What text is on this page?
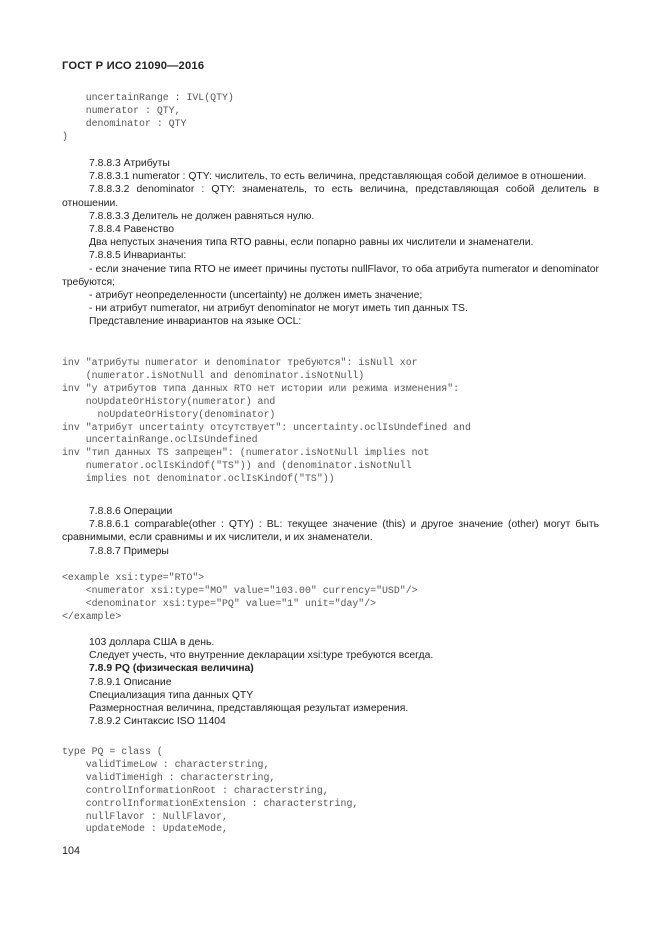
ГОСТ Р ИСО 21090—2016
uncertainRange : IVL(QTY)
numerator : QTY,
denominator : QTY
)

7.8.8.3 Атрибуты

7.8.8.3.1 numerator : QTY: числитель, то есть величина, представляющая собой делимое в отношении.

7.8.8.3.2 denominator : QTY: знаменатель, то есть величина, представляющая собой делитель в отношении.

7.8.8.3.3 Делитель не должен равняться нулю.

7.8.8.4 Равенство

Два непустых значения типа RTO равны, если попарно равны их числители и знаменатели.

7.8.8.5 Инварианты:

- если значение типа RTO не имеет причины пустоты nullFlavor, то оба атрибута numerator и denominator требуются;

- атрибут неопределенности (uncertainty) не должен иметь значение;

- ни атрибут numerator, ни атрибут denominator не могут иметь тип данных TS.

Представление инвариантов на языке OCL:

inv "атрибуты numerator и denominator требуются": isNull xor
(numerator.isNotNull and denominator.isNotNull)
inv "у атрибутов типа данных RTO нет истории или режима изменения":
noUpdateOrHistory(numerator) and
noUpdateOrHistory(denominator)
inv "атрибут uncertainty отсутствует": uncertainty.oclIsUndefined and
uncertainRange.oclIsUndefined
inv "тип данных TS запрещен": (numerator.isNotNull implies not
numerator.oclIsKindOf("TS")) and (denominator.isNotNull
implies not denominator.oclIsKindOf("TS"))

7.8.8.6 Операции

7.8.8.6.1 comparable(other : QTY) : BL: текущее значение (this) и другое значение (other) могут быть сравнимыми, если сравнимы и их числители, и их знаменатели.

7.8.8.7 Примеры

<example xsi:type="RTO">
<numerator xsi:type="MO" value="103.00" currency="USD"/>
<denominator xsi:type="PQ" value="1" unit="day"/>
</example>

103 доллара США в день.

Следует учесть, что внутренние декларации xsi:type требуются всегда.

7.8.9 PQ (физическая величина)

7.8.9.1 Описание

Специализация типа данных QTY

Размерностная величина, представляющая результат измерения.

7.8.9.2 Синтаксис ISO 11404

type PQ = class (
validTimeLow : characterstring,
validTimeHigh : characterstring,
controlInformationRoot : characterstring,
controlInformationExtension : characterstring,
nullFlavor : NullFlavor,
updateMode : UpdateMode,
104
